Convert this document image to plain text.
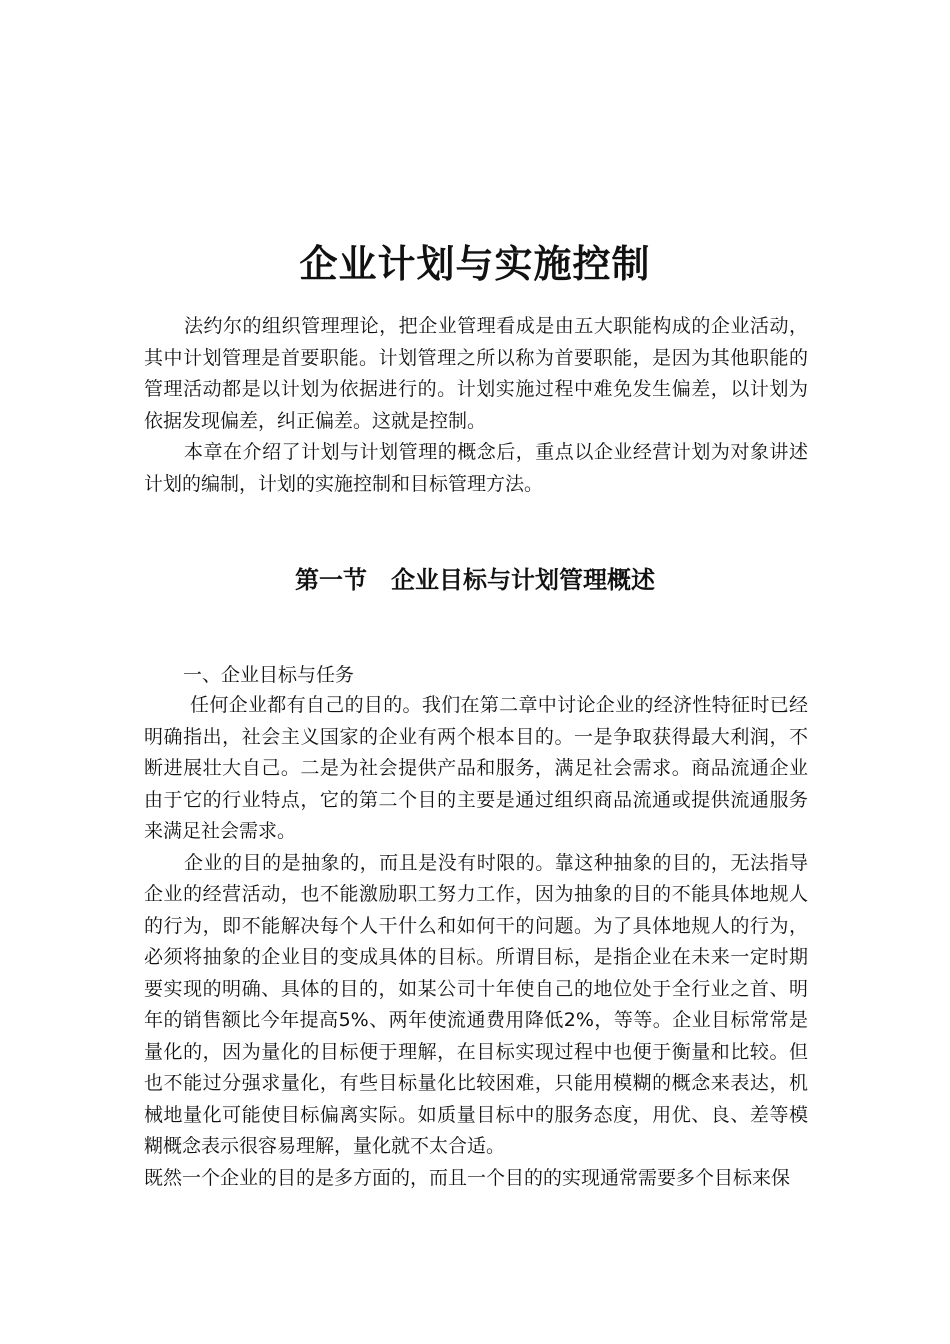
企业计划与实施控制

法约尔的组织管理理论，把企业管理看成是由五大职能构成的企业活动，其中计划管理是首要职能。计划管理之所以称为首要职能，是因为其他职能的管理活动都是以计划为依据进行的。计划实施过程中难免发生偏差，以计划为依据发现偏差，纠正偏差。这就是控制。

本章在介绍了计划与计划管理的概念后，重点以企业经营计划为对象讲述计划的编制，计划的实施控制和目标管理方法。

第一节　企业目标与计划管理概述
一、企业目标与任务

任何企业都有自己的目的。我们在第二章中讨论企业的经济性特征时已经明确指出，社会主义国家的企业有两个根本目的。一是争取获得最大利润，不断进展壮大自己。二是为社会提供产品和服务，满足社会需求。商品流通企业由于它的行业特点，它的第二个目的主要是通过组织商品流通或提供流通服务来满足社会需求。

企业的目的是抽象的，而且是没有时限的。靠这种抽象的目的，无法指导企业的经营活动，也不能激励职工努力工作，因为抽象的目的不能具体地规人的行为，即不能解决每个人干什么和如何干的问题。为了具体地规人的行为，必须将抽象的企业目的变成具体的目标。所谓目标，是指企业在未来一定时期要实现的明确、具体的目的，如某公司十年使自己的地位处于全行业之首、明年的销售额比今年提高5%、两年使流通费用降低2%，等等。企业目标常常是量化的，因为量化的目标便于理解，在目标实现过程中也便于衡量和比较。但也不能过分强求量化，有些目标量化比较困难，只能用模糊的概念来表达，机械地量化可能使目标偏离实际。如质量目标中的服务态度，用优、良、差等模糊概念表示很容易理解，量化就不太合适。

既然一个企业的目的是多方面的，而且一个目的的实现通常需要多个目标来保
